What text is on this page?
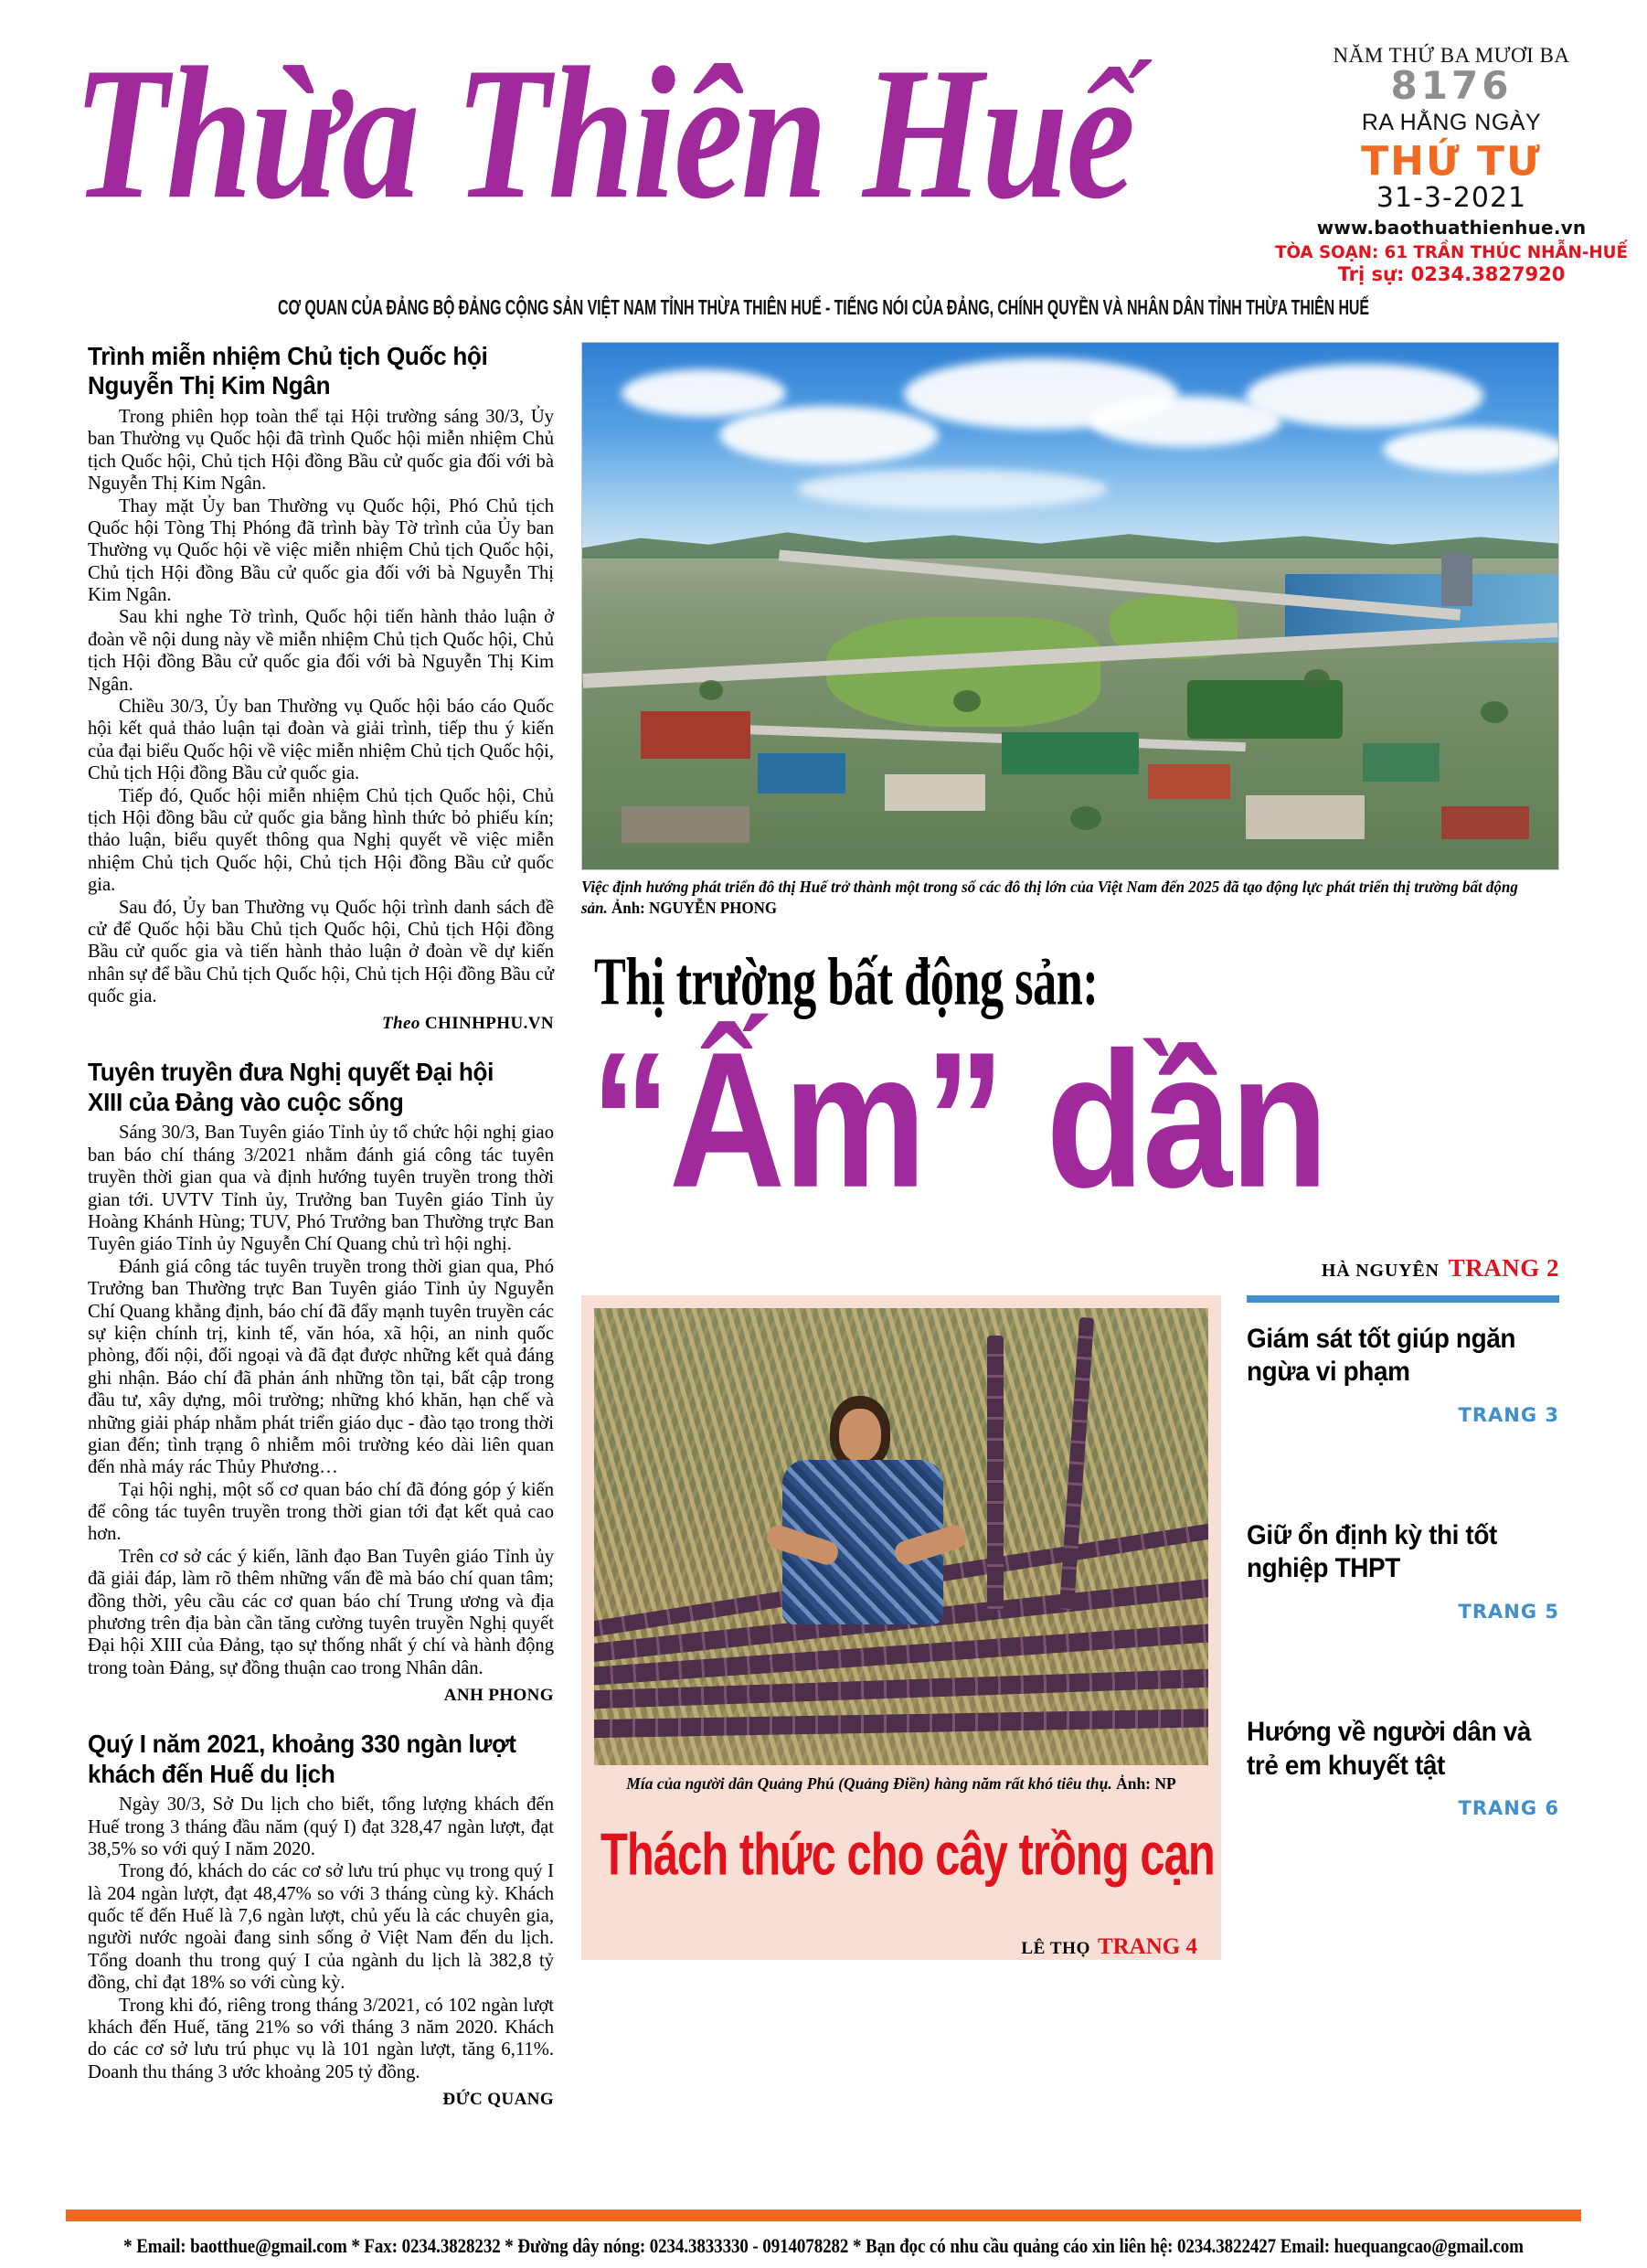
Thừa Thiên Huế	NĂM THỨ BA MƯƠI BA
8176
RA HẰNG NGÀY
THỨ TƯ
31-3-2021
www.baothuathienhue.vn
TÒA SOẠN: 61 TRẦN THÚC NHẪN-HUẾ
Trị sự: 0234.3827920
CƠ QUAN CỦA ĐẢNG BỘ ĐẢNG CỘNG SẢN VIỆT NAM TỈNH THỪA THIÊN HUẾ - TIẾNG NÓI CỦA ĐẢNG, CHÍNH QUYỀN VÀ NHÂN DÂN TỈNH THỪA THIÊN HUẾ
Trình miễn nhiệm Chủ tịch Quốc hội Nguyễn Thị Kim Ngân

Trong phiên họp toàn thể tại Hội trường sáng 30/3, Ủy ban Thường vụ Quốc hội đã trình Quốc hội miễn nhiệm Chủ tịch Quốc hội, Chủ tịch Hội đồng Bầu cử quốc gia đối với bà Nguyễn Thị Kim Ngân.

Thay mặt Ủy ban Thường vụ Quốc hội, Phó Chủ tịch Quốc hội Tòng Thị Phóng đã trình bày Tờ trình của Ủy ban Thường vụ Quốc hội về việc miễn nhiệm Chủ tịch Quốc hội, Chủ tịch Hội đồng Bầu cử quốc gia đối với bà Nguyễn Thị Kim Ngân.

Sau khi nghe Tờ trình, Quốc hội tiến hành thảo luận ở đoàn về nội dung này về miễn nhiệm Chủ tịch Quốc hội, Chủ tịch Hội đồng Bầu cử quốc gia đối với bà Nguyễn Thị Kim Ngân.

Chiều 30/3, Ủy ban Thường vụ Quốc hội báo cáo Quốc hội kết quả thảo luận tại đoàn và giải trình, tiếp thu ý kiến của đại biểu Quốc hội về việc miễn nhiệm Chủ tịch Quốc hội, Chủ tịch Hội đồng Bầu cử quốc gia.

Tiếp đó, Quốc hội miễn nhiệm Chủ tịch Quốc hội, Chủ tịch Hội đồng bầu cử quốc gia bằng hình thức bỏ phiếu kín; thảo luận, biểu quyết thông qua Nghị quyết về việc miễn nhiệm Chủ tịch Quốc hội, Chủ tịch Hội đồng Bầu cử quốc gia.

Sau đó, Ủy ban Thường vụ Quốc hội trình danh sách đề cử để Quốc hội bầu Chủ tịch Quốc hội, Chủ tịch Hội đồng Bầu cử quốc gia và tiến hành thảo luận ở đoàn về dự kiến nhân sự để bầu Chủ tịch Quốc hội, Chủ tịch Hội đồng Bầu cử quốc gia.

Theo CHINHPHU.VN
Tuyên truyền đưa Nghị quyết Đại hội XIII của Đảng vào cuộc sống

Sáng 30/3, Ban Tuyên giáo Tỉnh ủy tổ chức hội nghị giao ban báo chí tháng 3/2021 nhằm đánh giá công tác tuyên truyền thời gian qua và định hướng tuyên truyền trong thời gian tới. UVTV Tỉnh ủy, Trưởng ban Tuyên giáo Tỉnh ủy Hoàng Khánh Hùng; TUV, Phó Trưởng ban Thường trực Ban Tuyên giáo Tỉnh ủy Nguyễn Chí Quang chủ trì hội nghị.

Đánh giá công tác tuyên truyền trong thời gian qua, Phó Trưởng ban Thường trực Ban Tuyên giáo Tỉnh ủy Nguyễn Chí Quang khẳng định, báo chí đã đẩy mạnh tuyên truyền các sự kiện chính trị, kinh tế, văn hóa, xã hội, an ninh quốc phòng, đối nội, đối ngoại và đã đạt được những kết quả đáng ghi nhận. Báo chí đã phản ánh những tồn tại, bất cập trong đầu tư, xây dựng, môi trường; những khó khăn, hạn chế và những giải pháp nhằm phát triển giáo dục - đào tạo trong thời gian đến; tình trạng ô nhiễm môi trường kéo dài liên quan đến nhà máy rác Thủy Phương…

Tại hội nghị, một số cơ quan báo chí đã đóng góp ý kiến để công tác tuyên truyền trong thời gian tới đạt kết quả cao hơn.

Trên cơ sở các ý kiến, lãnh đạo Ban Tuyên giáo Tỉnh ủy đã giải đáp, làm rõ thêm những vấn đề mà báo chí quan tâm; đồng thời, yêu cầu các cơ quan báo chí Trung ương và địa phương trên địa bàn cần tăng cường tuyên truyền Nghị quyết Đại hội XIII của Đảng, tạo sự thống nhất ý chí và hành động trong toàn Đảng, sự đồng thuận cao trong Nhân dân.

ANH PHONG
Quý I năm 2021, khoảng 330 ngàn lượt khách đến Huế du lịch

Ngày 30/3, Sở Du lịch cho biết, tổng lượng khách đến Huế trong 3 tháng đầu năm (quý I) đạt 328,47 ngàn lượt, đạt 38,5% so với quý I năm 2020.

Trong đó, khách do các cơ sở lưu trú phục vụ trong quý I là 204 ngàn lượt, đạt 48,47% so với 3 tháng cùng kỳ. Khách quốc tế đến Huế là 7,6 ngàn lượt, chủ yếu là các chuyên gia, người nước ngoài đang sinh sống ở Việt Nam đến du lịch. Tổng doanh thu trong quý I của ngành du lịch là 382,8 tỷ đồng, chỉ đạt 18% so với cùng kỳ.

Trong khi đó, riêng trong tháng 3/2021, có 102 ngàn lượt khách đến Huế, tăng 21% so với tháng 3 năm 2020. Khách do các cơ sở lưu trú phục vụ là 101 ngàn lượt, tăng 6,11%. Doanh thu tháng 3 ước khoảng 205 tỷ đồng.

ĐỨC QUANG
Việc định hướng phát triển đô thị Huế trở thành một trong số các đô thị lớn của Việt Nam đến 2025 đã tạo động lực phát triển thị trường bất động sản. Ảnh: NGUYỄN PHONG
Thị trường bất động sản:
“Ấm” dần
HÀ NGUYÊN TRANG 2
Mía của người dân Quảng Phú (Quảng Điền) hàng năm rất khó tiêu thụ. Ảnh: NP
Thách thức cho cây trồng cạn
LÊ THỌ TRANG 4
Giám sát tốt giúp ngăn ngừa vi phạm
TRANG 3
Giữ ổn định kỳ thi tốt nghiệp THPT
TRANG 5
Hướng về người dân và trẻ em khuyết tật
TRANG 6
* Email: baotthue@gmail.com * Fax: 0234.3828232 * Đường dây nóng: 0234.3833330 - 0914078282 * Bạn đọc có nhu cầu quảng cáo xin liên hệ: 0234.3822427 Email: huequangcao@gmail.com
